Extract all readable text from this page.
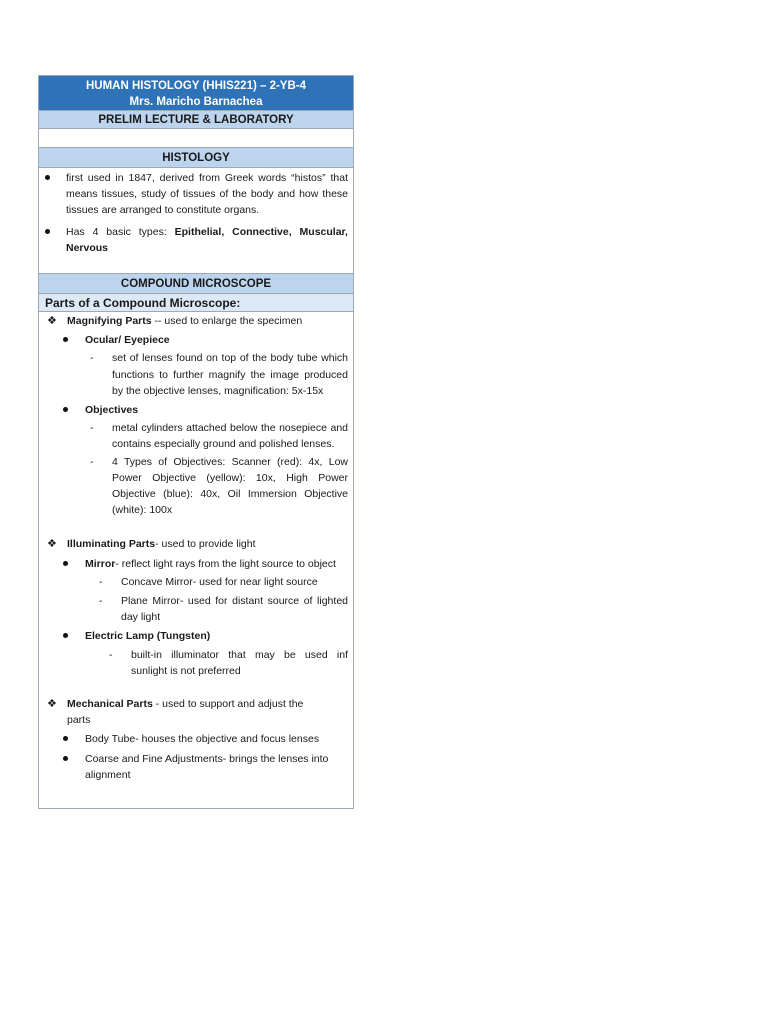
HUMAN HISTOLOGY (HHIS221) – 2-YB-4
Mrs. Maricho Barnachea
PRELIM LECTURE & LABORATORY
HISTOLOGY

first used in 1847, derived from Greek words “histos” that means tissues, study of tissues of the body and how these tissues are arranged to constitute organs.

Has 4 basic types: Epithelial, Connective, Muscular, Nervous

COMPOUND MICROSCOPE
Parts of a Compound Microscope:
❖ Magnifying Parts -- used to enlarge the specimen
Ocular/ Eyepiece
- set of lenses found on top of the body tube which functions to further magnify the image produced by the objective lenses, magnification: 5x-15x

Objectives
- metal cylinders attached below the nosepiece and contains especially ground and polished lenses.

- 4 Types of Objectives: Scanner (red): 4x, Low Power Objective (yellow): 10x, High Power Objective (blue): 40x, Oil Immersion Objective (white): 100x

❖ Illuminating Parts- used to provide light

Mirror- reflect light rays from the light source to object

- Concave Mirror- used for near light source

- Plane Mirror- used for distant source of lighted day light

Electric Lamp (Tungsten)
- built-in illuminator that may be used inf sunlight is not preferred

❖ Mechanical Parts - used to support and adjust the parts

Body Tube- houses the objective and focus lenses

Coarse and Fine Adjustments- brings the lenses into alignment
